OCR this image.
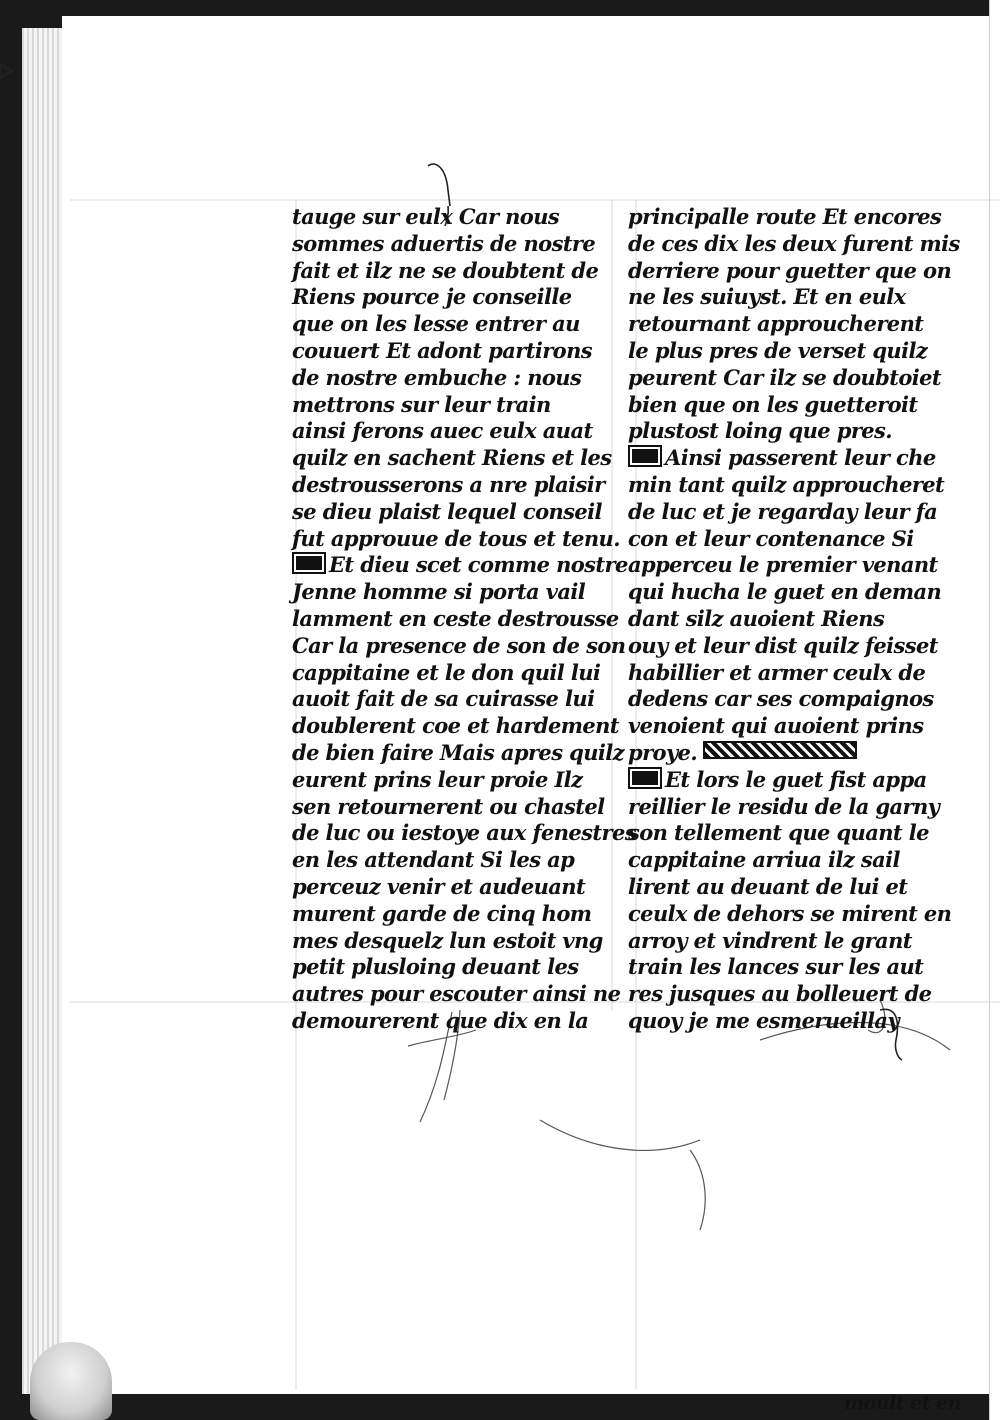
tauge sur eulx Car nous
sommes aduertis de nostre
fait et ilz ne se doubtent de
Riens pource je conseille
que on les lesse entrer au
couuert Et adont partirons
de nostre embuche : nous
mettrons sur leur train
ainsi ferons auec eulx auat
quilz en sachent Riens et les
destrousserons a nre plaisir
se dieu plaist lequel conseil
fut approuue de tous et tenu.
Et dieu scet comme nostre
Jenne homme si porta vail
lamment en ceste destrousse
Car la presence de son de son
cappitaine et le don quil lui
auoit fait de sa cuirasse lui
doublerent coe et hardement
de bien faire Mais apres quilz
eurent prins leur proie Ilz
sen retournerent ou chastel
de luc ou iestoye aux fenestres
en les attendant Si les ap
perceuz venir et audeuant
murent garde de cinq hom
mes desquelz lun estoit vng
petit plusloing deuant les
autres pour escouter ainsi ne
demourerent que dix en la
principalle route Et encores
de ces dix les deux furent mis
derriere pour guetter que on
ne les suiuyst. Et en eulx
retournant approucherent
le plus pres de verset quilz
peurent Car ilz se doubtoiet
bien que on les guetteroit
plustost loing que pres.
Ainsi passerent leur che
min tant quilz approucheret
de luc et je regarday leur fa
con et leur contenance Si
apperceu le premier venant
qui hucha le guet en deman
dant silz auoient Riens
ouy et leur dist quilz feisset
habillier et armer ceulx de
dedens car ses compaignos
venoient qui auoient prins
proye.
Et lors le guet fist appa
reillier le residu de la garny
son tellement que quant le
cappitaine arriua ilz sail
lirent au deuant de lui et
ceulx de dehors se mirent en
arroy et vindrent le grant
train les lances sur les aut
res jusques au bolleuert de
quoy je me esmerueillay
moult et en
